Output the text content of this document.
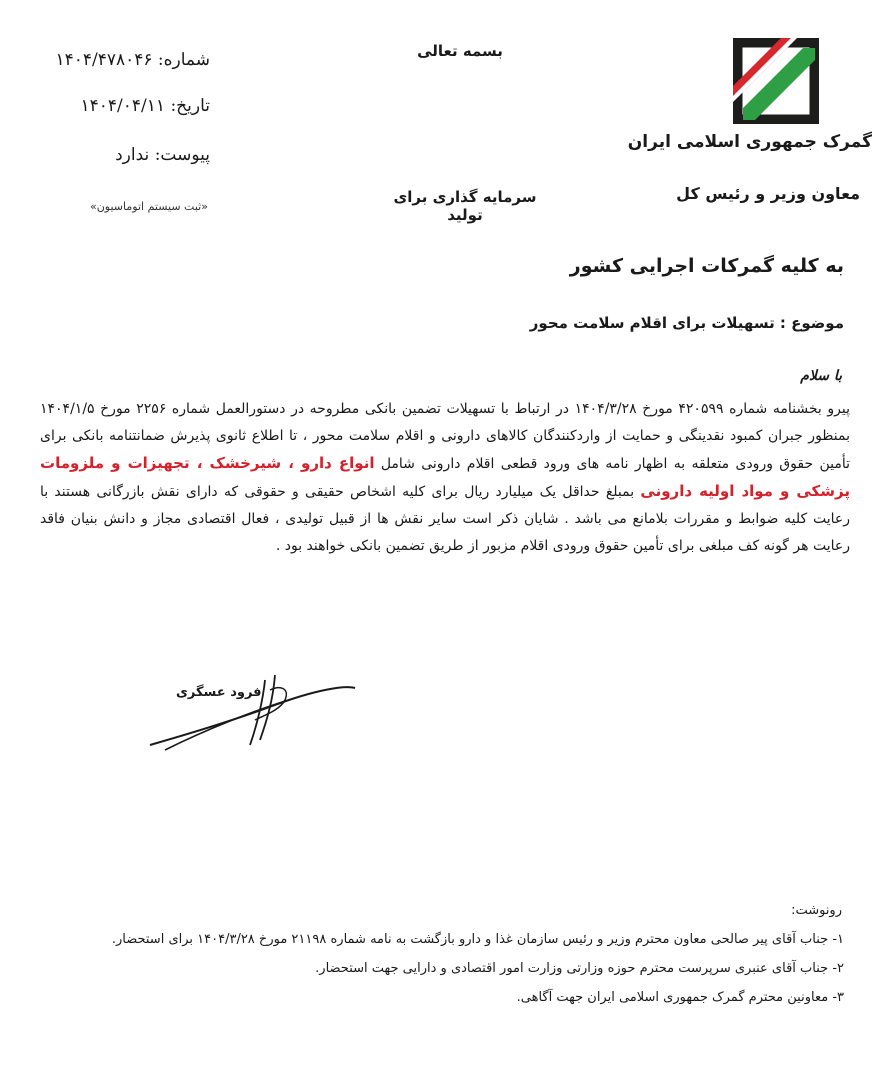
شماره: ۱۴۰۴/۴۷۸۰۴۶
تاریخ: ۱۴۰۴/۰۴/۱۱
پیوست: ندارد
«ثبت سیستم اتوماسیون»
بسمه تعالی
سرمایه گذاری برای تولید
گمرک جمهوری اسلامی ایران
معاون وزیر و رئیس کل
به کلیه گمرکات اجرایی کشور
موضوع : تسهیلات برای اقلام سلامت محور
با سلام
پیرو بخشنامه شماره ۴۲۰۵۹۹ مورخ ۱۴۰۴/۳/۲۸ در ارتباط با تسهیلات تضمین بانکی مطروحه در دستورالعمل شماره ۲۲۵۶ مورخ ۱۴۰۴/۱/۵ بمنظور جبران کمبود نقدینگی و حمایت از واردکنندگان کالاهای دارونی و اقلام سلامت محور ، تا اطلاع ثانوی پذیرش ضمانتنامه بانکی برای تأمین حقوق ورودی متعلقه به اظهار نامه های ورود قطعی اقلام دارونی شامل انواع دارو ، شیرخشک ، تجهیزات و ملزومات پزشکی و مواد اولیه دارونی بمبلغ حداقل یک میلیارد ریال برای کلیه اشخاص حقیقی و حقوقی که دارای نقش بازرگانی هستند با رعایت کلیه ضوابط و مقررات بلامانع می باشد . شایان ذکر است سایر نقش ها از قبیل تولیدی ، فعال اقتصادی مجاز و دانش بنیان فاقد رعایت هر گونه کف مبلغی برای تأمین حقوق ورودی اقلام مزبور از طریق تضمین بانکی خواهند بود .
فرود عسگری
رونوشت:
۱- جناب آقای پیر صالحی معاون محترم وزیر و رئیس سازمان غذا و دارو بازگشت به نامه شماره ۲۱۱۹۸ مورخ ۱۴۰۴/۳/۲۸ برای استحضار.
۲- جناب آقای عنبری سرپرست محترم حوزه وزارتی وزارت امور اقتصادی و دارایی جهت استحضار.
۳- معاونین محترم گمرک جمهوری اسلامی ایران جهت آگاهی.
